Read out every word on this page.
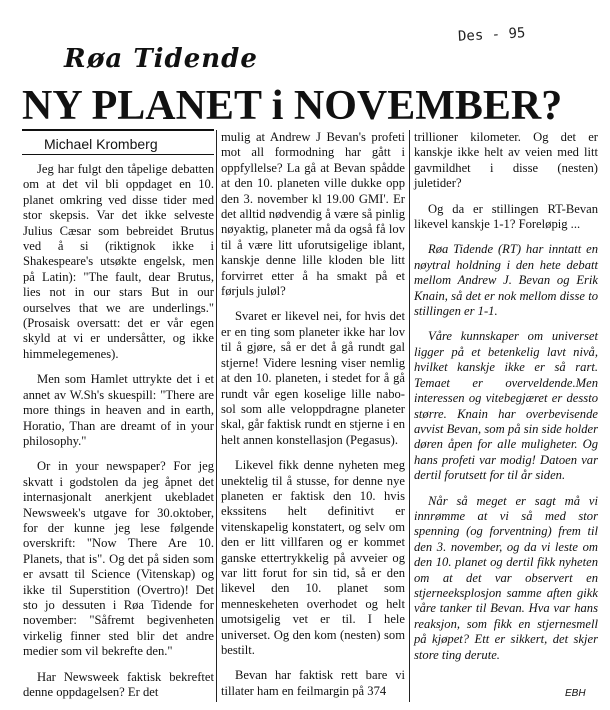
Des - 95
Røa Tidende
NY PLANET i NOVEMBER?
Michael Kromberg

Jeg har fulgt den tåpelige debatten om at det vil bli oppdaget en 10. planet omkring ved disse tider med stor skepsis. Var det ikke selveste Julius Cæsar som bebreidet Brutus ved å si (riktignok ikke i Shakespeare's utsøkte engelsk, men på Latin): "The fault, dear Brutus, lies not in our stars But in our ourselves that we are underlings." (Prosaisk oversatt: det er vår egen skyld at vi er undersåtter, og ikke himmelegemenes).

Men som Hamlet uttrykte det i et annet av W.Sh's skuespill: "There are more things in heaven and in earth, Horatio, Than are dreamt of in your philosophy."

Or in your newspaper? For jeg skvatt i godstolen da jeg åpnet det internasjonalt anerkjent ukebladet Newsweek's utgave for 30.oktober, for der kunne jeg lese følgende overskrift: "Now There Are 10. Planets, that is". Og det på siden som er avsatt til Science (Vitenskap) og ikke til Superstition (Overtro)! Det sto jo dessuten i Røa Tidende for november: "Såfremt begivenheten virkelig finner sted blir det andre medier som vil bekrefte den."

Har Newsweek faktisk bekreftet denne oppdagelsen? Er det

mulig at Andrew J Bevan's profeti mot all formodning har gått i oppfyllelse? La gå at Bevan spådde at den 10. planeten ville dukke opp den 3. november kl 19.00 GMI'. Er det alltid nødvendig å være så pinlig nøyaktig, planeter må da også få lov til å være litt uforutsigelige iblant, kanskje denne lille kloden ble litt forvirret etter å ha smakt på et førjuls juløl?

Svaret er likevel nei, for hvis det er en ting som planeter ikke har lov til å gjøre, så er det å gå rundt gal stjerne! Videre lesning viser nemlig at den 10. planeten, i stedet for å gå rundt vår egen koselige lille nabo-sol som alle veloppdragne planeter skal, går faktisk rundt en stjerne i en helt annen konstellasjon (Pegasus).

Likevel fikk denne nyheten meg unektelig til å stusse, for denne nye planeten er faktisk den 10. hvis ekssitens helt definitivt er vitenskapelig konstatert, og selv om den er litt villfaren og er kommet ganske ettertrykkelig på avveier og var litt forut for sin tid, så er den likevel den 10. planet som menneskeheten overhodet og helt umotsigelig vet er til. I hele universet. Og den kom (nesten) som bestilt.

Bevan har faktisk rett bare vi tillater ham en feilmargin på 374

trillioner kilometer. Og det er kanskje ikke helt av veien med litt gavmildhet i disse (nesten) juletider?

Og da er stillingen RT-Bevan likevel kanskje 1-1? Foreløpig ...

Røa Tidende (RT) har inntatt en nøytral holdning i den hete debatt mellom Andrew J. Bevan og Erik Knain, så det er nok mellom disse to stillingen er 1-1.

Våre kunnskaper om universet ligger på et betenkelig lavt nivå, hvilket kanskje ikke er så rart. Temaet er overveldende.Men interessen og vitebegjæret er dessto større. Knain har overbevisende avvist Bevan, som på sin side holder døren åpen for alle muligheter. Og hans profeti var modig! Datoen var dertil forutsett for til år siden.

Når så meget er sagt må vi innrømme at vi så med stor spenning (og forventning) frem til den 3. november, og da vi leste om den 10. planet og dertil fikk nyheten om at det var observert en stjerneeksplosjon samme aften gikk våre tanker til Bevan. Hva var hans reaksjon, som fikk en stjernesmell på kjøpet? Ett er sikkert, det skjer store ting derute.

EBH
